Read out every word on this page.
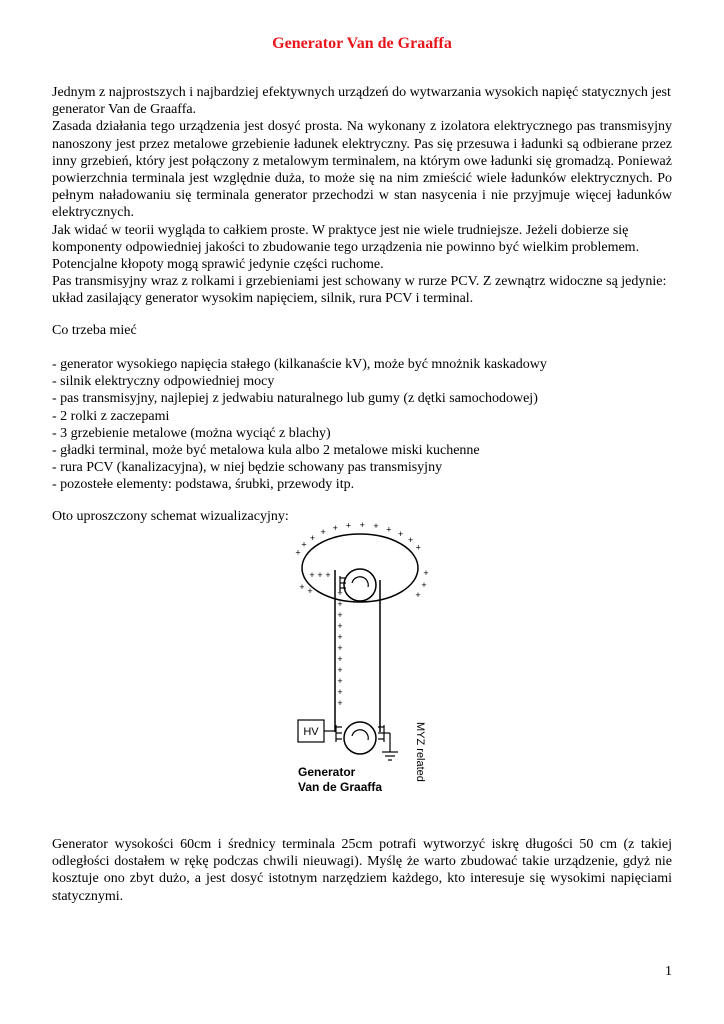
Generator Van de Graaffa

Jednym z najprostszych i najbardziej efektywnych urządzeń do wytwarzania wysokich napięć statycznych jest generator Van de Graaffa.

Zasada działania tego urządzenia jest dosyć prosta. Na wykonany z izolatora elektrycznego pas transmisyjny nanoszony jest przez metalowe grzebienie ładunek elektryczny. Pas się przesuwa i ładunki są odbierane przez inny grzebień, który jest połączony z metalowym terminalem, na którym owe ładunki się gromadzą. Ponieważ powierzchnia terminala jest względnie duża, to może się na nim zmieścić wiele ładunków elektrycznych. Po pełnym naładowaniu się terminala generator przechodzi w stan nasycenia i nie przyjmuje więcej ładunków elektrycznych.

Jak widać w teorii wygląda to całkiem proste. W praktyce jest nie wiele trudniejsze. Jeżeli dobierze się komponenty odpowiedniej jakości to zbudowanie tego urządzenia nie powinno być wielkim problemem. Potencjalne kłopoty mogą sprawić jedynie części ruchome.

Pas transmisyjny wraz z rolkami i grzebieniami jest schowany w rurze PCV. Z zewnątrz widoczne są jedynie: układ zasilający generator wysokim napięciem, silnik, rura PCV i terminal.

Co trzeba mieć
- generator wysokiego napięcia stałego (kilkanaście kV), może być mnożnik kaskadowy
- silnik elektryczny odpowiedniej mocy
- pas transmisyjny, najlepiej z jedwabiu naturalnego lub gumy (z dętki samochodowej)
- 2 rolki z zaczepami
- 3 grzebienie metalowe (można wyciąć z blachy)
- gładki terminal, może być metalowa kula albo 2 metalowe miski kuchenne
- rura PCV (kanalizacyjna), w niej będzie schowany pas transmisyjny
- pozostełe elementy: podstawa, śrubki, przewody itp.
Oto uproszczony schemat wizualizacyjny:
HV
+
+
+
+ + + + + + +
+
+
+
+
+
+ + +
+ +	+
+
+
+
+
+
+
+
+
+
+
Generator
Van de Graaffa
MYZ related
Generator wysokości 60cm i średnicy terminala 25cm potrafi wytworzyć iskrę długości 50 cm (z takiej odległości dostałem w rękę podczas chwili nieuwagi). Myślę że warto zbudować takie urządzenie, gdyż nie kosztuje ono zbyt dużo, a jest dosyć istotnym narzędziem każdego, kto interesuje się wysokimi napięciami statycznymi.
1
